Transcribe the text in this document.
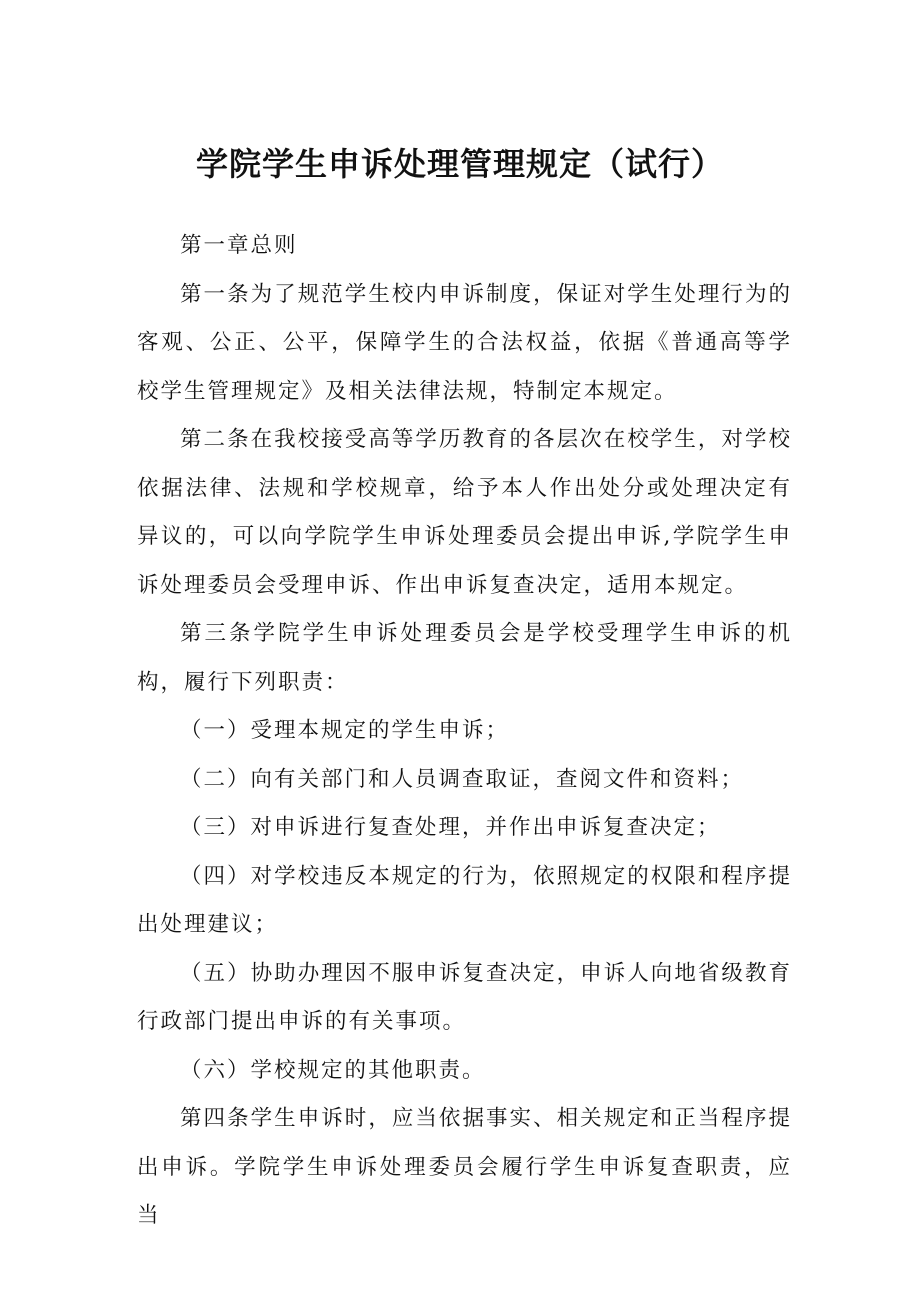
学院学生申诉处理管理规定（试行）

第一章总则

第一条为了规范学生校内申诉制度，保证对学生处理行为的客观、公正、公平，保障学生的合法权益，依据《普通高等学校学生管理规定》及相关法律法规，特制定本规定。

第二条在我校接受高等学历教育的各层次在校学生，对学校依据法律、法规和学校规章，给予本人作出处分或处理决定有异议的，可以向学院学生申诉处理委员会提出申诉,学院学生申诉处理委员会受理申诉、作出申诉复查决定，适用本规定。

第三条学院学生申诉处理委员会是学校受理学生申诉的机构，履行下列职责：

（一）受理本规定的学生申诉；

（二）向有关部门和人员调查取证，查阅文件和资料；

（三）对申诉进行复查处理，并作出申诉复查决定；

（四）对学校违反本规定的行为，依照规定的权限和程序提出处理建议；

（五）协助办理因不服申诉复查决定，申诉人向地省级教育行政部门提出申诉的有关事项。

（六）学校规定的其他职责。

第四条学生申诉时，应当依据事实、相关规定和正当程序提出申诉。学院学生申诉处理委员会履行学生申诉复查职责，应当
